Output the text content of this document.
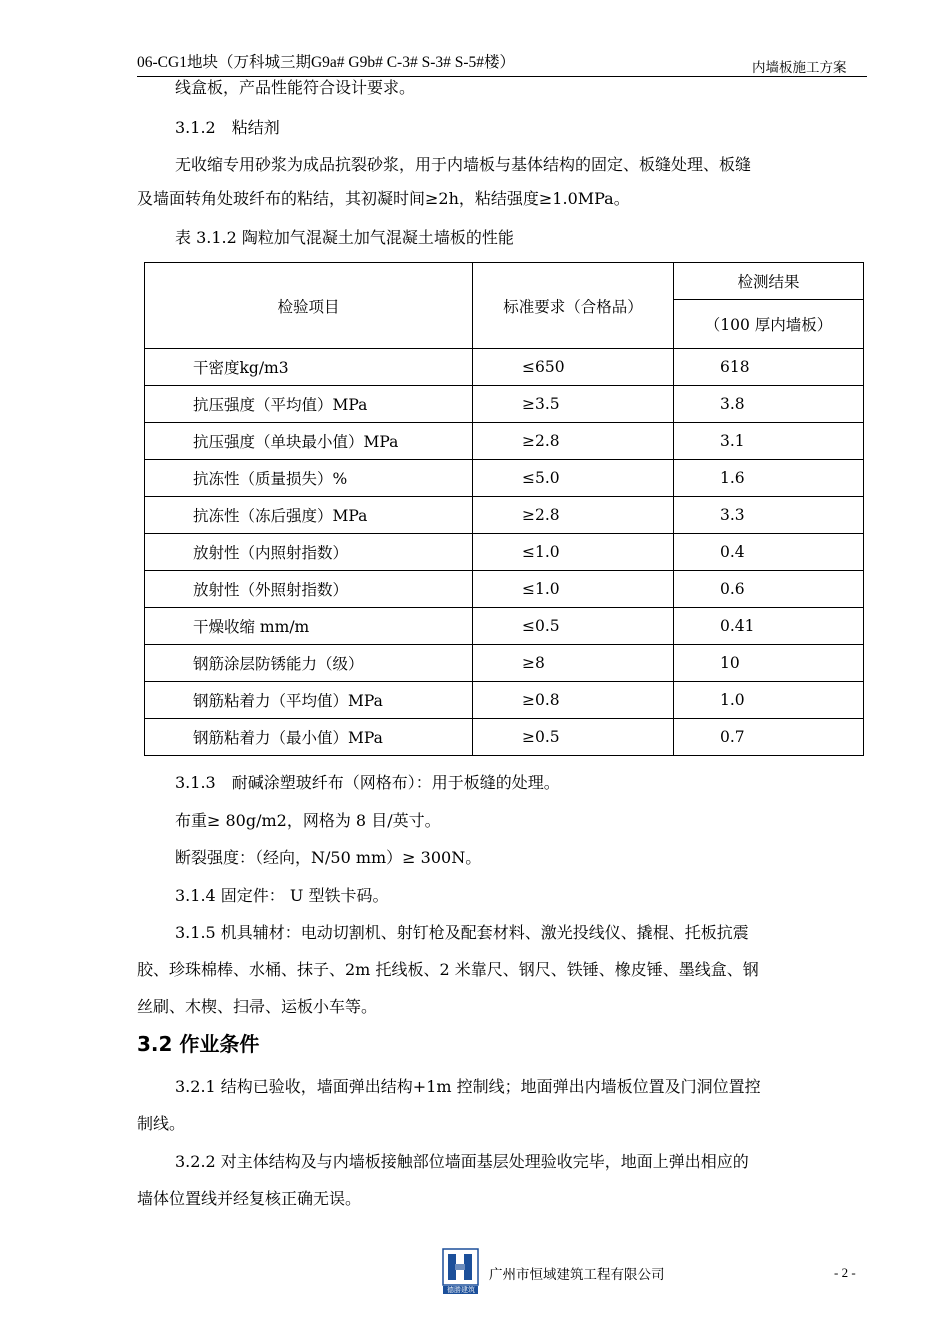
06-CG1地块（万科城三期G9a# G9b# C-3# S-3# S-5#楼）	内墙板施工方案
线盒板，产品性能符合设计要求。
3.1.2　粘结剂
无收缩专用砂浆为成品抗裂砂浆，用于内墙板与基体结构的固定、板缝处理、板缝
及墙面转角处玻纤布的粘结，其初凝时间≥2h，粘结强度≥1.0MPa。
表 3.1.2 陶粒加气混凝土加气混凝土墙板的性能
检验项目	标准要求（合格品）	检测结果
		（100 厚内墙板）
干密度kg/m3	≤650	618
抗压强度（平均值）MPa	≥3.5	3.8
抗压强度（单块最小值）MPa	≥2.8	3.1
抗冻性（质量损失）%	≤5.0	1.6
抗冻性（冻后强度）MPa	≥2.8	3.3
放射性（内照射指数）	≤1.0	0.4
放射性（外照射指数）	≤1.0	0.6
干燥收缩 mm/m	≤0.5	0.41
钢筋涂层防锈能力（级）	≥8	10
钢筋粘着力（平均值）MPa	≥0.8	1.0
钢筋粘着力（最小值）MPa	≥0.5	0.7
3.1.3　耐碱涂塑玻纤布（网格布）：用于板缝的处理。
布重≥ 80g/m2，网格为 8 目/英寸。
断裂强度：（经向，N/50 mm）≥ 300N。
3.1.4 固定件： U 型铁卡码。
3.1.5 机具辅材：电动切割机、射钉枪及配套材料、激光投线仪、撬棍、托板抗震
胶、珍珠棉棒、水桶、抹子、2m 托线板、2 米靠尺、钢尺、铁锤、橡皮锤、墨线盒、钢
丝刷、木楔、扫帚、运板小车等。
3.2 作业条件
3.2.1 结构已验收，墙面弹出结构+1m 控制线；地面弹出内墙板位置及门洞位置控
制线。
3.2.2 对主体结构及与内墙板接触部位墙面基层处理验收完毕，地面上弹出相应的
墙体位置线并经复核正确无误。
德勝建筑
广州市恒域建筑工程有限公司	- 2 -
